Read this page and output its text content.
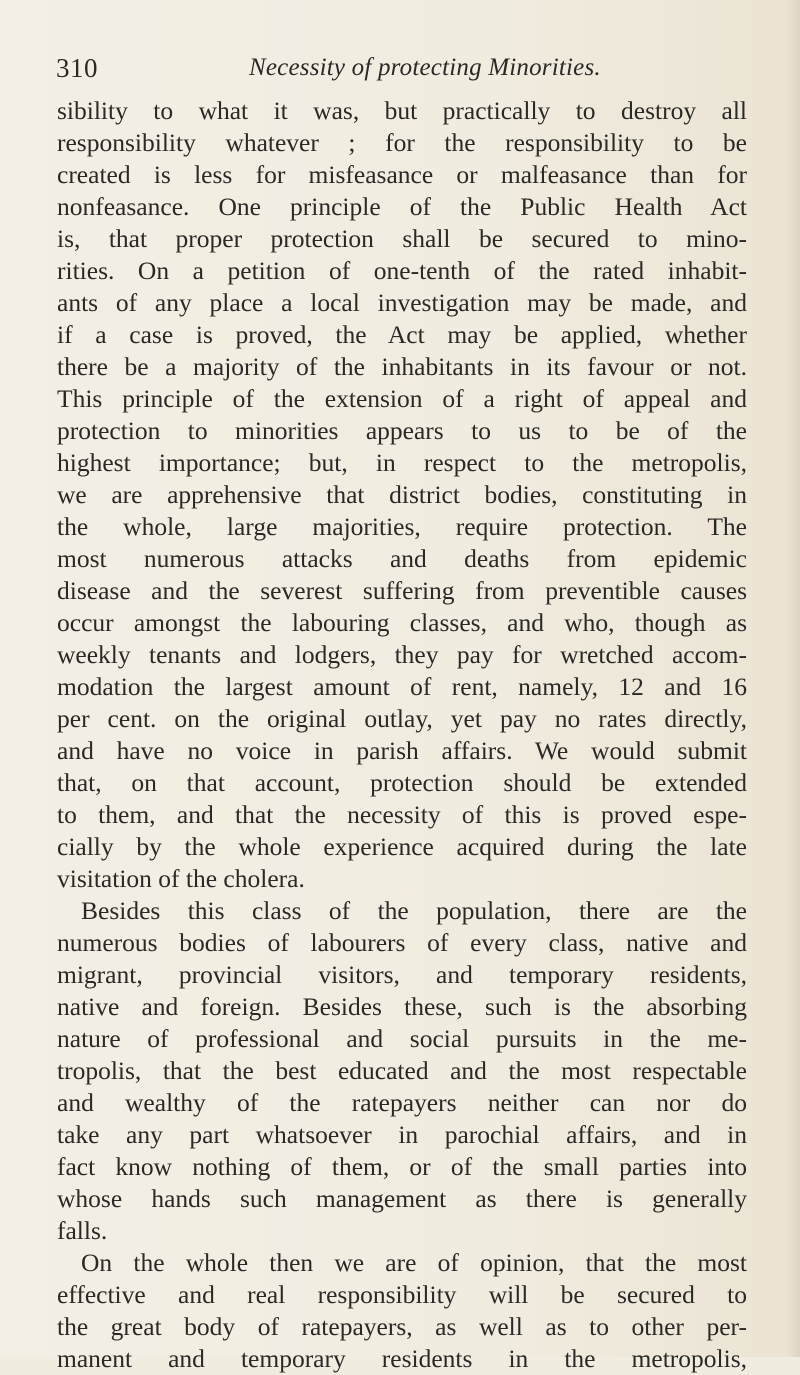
310	Necessity of protecting Minorities.
sibility to what it was, but practically to destroy all
responsibility whatever ; for the responsibility to be
created is less for misfeasance or malfeasance than for
nonfeasance. One principle of the Public Health Act
is, that proper protection shall be secured to mino-
rities. On a petition of one-tenth of the rated inhabit-
ants of any place a local investigation may be made, and
if a case is proved, the Act may be applied, whether
there be a majority of the inhabitants in its favour or not.
This principle of the extension of a right of appeal and
protection to minorities appears to us to be of the
highest importance; but, in respect to the metropolis,
we are apprehensive that district bodies, constituting in
the whole, large majorities, require protection. The
most numerous attacks and deaths from epidemic
disease and the severest suffering from preventible causes
occur amongst the labouring classes, and who, though as
weekly tenants and lodgers, they pay for wretched accom-
modation the largest amount of rent, namely, 12 and 16
per cent. on the original outlay, yet pay no rates directly,
and have no voice in parish affairs. We would submit
that, on that account, protection should be extended
to them, and that the necessity of this is proved espe-
cially by the whole experience acquired during the late
visitation of the cholera.
Besides this class of the population, there are the
numerous bodies of labourers of every class, native and
migrant, provincial visitors, and temporary residents,
native and foreign. Besides these, such is the absorbing
nature of professional and social pursuits in the me-
tropolis, that the best educated and the most respectable
and wealthy of the ratepayers neither can nor do
take any part whatsoever in parochial affairs, and in
fact know nothing of them, or of the small parties into
whose hands such management as there is generally
falls.
On the whole then we are of opinion, that the most
effective and real responsibility will be secured to
the great body of ratepayers, as well as to other per-
manent and temporary residents in the metropolis,
